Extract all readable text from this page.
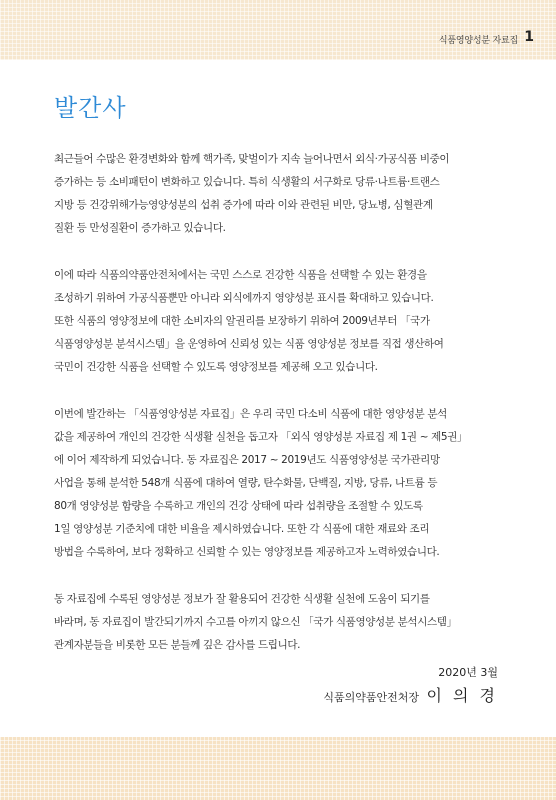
식품영양성분 자료집 1
발간사

최근들어 수많은 환경변화와 함께 핵가족, 맞벌이가 지속 늘어나면서 외식·가공식품 비중이
증가하는 등 소비패턴이 변화하고 있습니다. 특히 식생활의 서구화로 당류·나트륨·트랜스
지방 등 건강위해가능영양성분의 섭취 증가에 따라 이와 관련된 비만, 당뇨병, 심혈관계
질환 등 만성질환이 증가하고 있습니다.

이에 따라 식품의약품안전처에서는 국민 스스로 건강한 식품을 선택할 수 있는 환경을
조성하기 위하여 가공식품뿐만 아니라 외식에까지 영양성분 표시를 확대하고 있습니다.
또한 식품의 영양정보에 대한 소비자의 알권리를 보장하기 위하여 2009년부터 「국가
식품영양성분 분석시스템」을 운영하여 신뢰성 있는 식품 영양성분 정보를 직접 생산하여
국민이 건강한 식품을 선택할 수 있도록 영양정보를 제공해 오고 있습니다.

이번에 발간하는 「식품영양성분 자료집」은 우리 국민 다소비 식품에 대한 영양성분 분석
값을 제공하여 개인의 건강한 식생활 실천을 돕고자 「외식 영양성분 자료집 제 1권 ~ 제5권」
에 이어 제작하게 되었습니다. 동 자료집은 2017 ~ 2019년도 식품영양성분 국가관리망
사업을 통해 분석한 548개 식품에 대하여 열량, 탄수화물, 단백질, 지방, 당류, 나트륨 등
80개 영양성분 함량을 수록하고 개인의 건강 상태에 따라 섭취량을 조절할 수 있도록
1일 영양성분 기준치에 대한 비율을 제시하였습니다. 또한 각 식품에 대한 재료와 조리
방법을 수록하여, 보다 정확하고 신뢰할 수 있는 영양정보를 제공하고자 노력하였습니다.

동 자료집에 수록된 영양성분 정보가 잘 활용되어 건강한 식생활 실천에 도움이 되기를
바라며, 동 자료집이 발간되기까지 수고를 아끼지 않으신 「국가 식품영양성분 분석시스템」
관계자분들을 비롯한 모든 분들께 깊은 감사를 드립니다.

2020년 3월
식품의약품안전처장 이 의 경
